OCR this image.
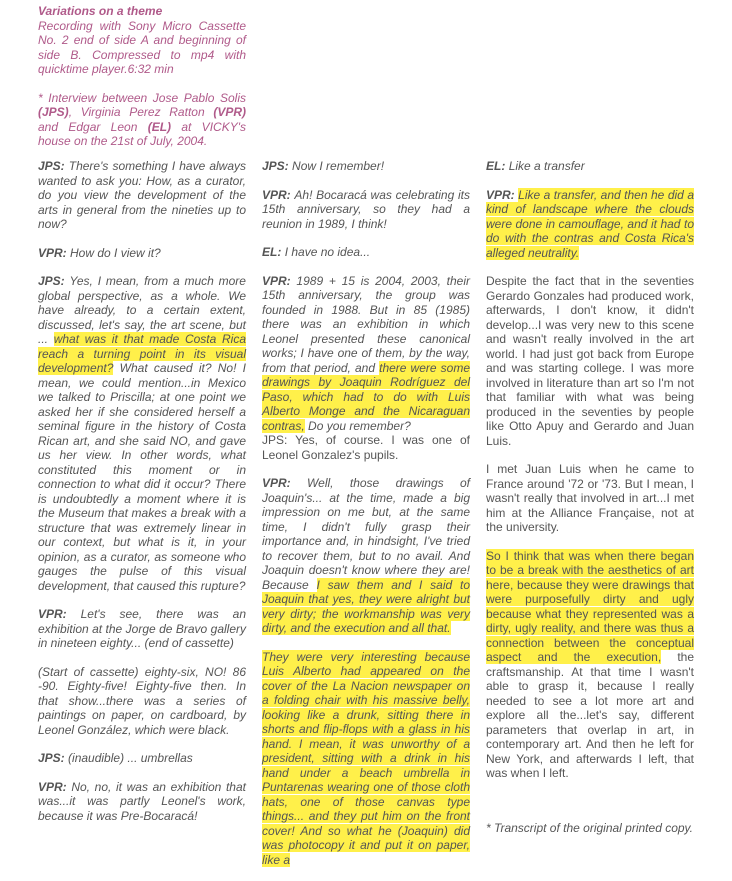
Variations on a theme

Recording with Sony Micro Cassette No. 2 end of side A and beginning of side B. Compressed to mp4 with quicktime player.6:32 min

* Interview between Jose Pablo Solis (JPS), Virginia Perez Ratton (VPR) and Edgar Leon (EL) at VICKY's house on the 21st of July, 2004.

JPS: There's something I have always wanted to ask you: How, as a curator, do you view the development of the arts in general from the nineties up to now?

VPR: How do I view it?

JPS: Yes, I mean, from a much more global perspective, as a whole. We have already, to a certain extent, discussed, let's say, the art scene, but ... what was it that made Costa Rica reach a turning point in its visual development? What caused it? No! I mean, we could mention...in Mexico we talked to Priscilla; at one point we asked her if she considered herself a seminal figure in the history of Costa Rican art, and she said NO, and gave us her view. In other words, what constituted this moment or in connection to what did it occur? There is undoubtedly a moment where it is the Museum that makes a break with a structure that was extremely linear in our context, but what is it, in your opinion, as a curator, as someone who gauges the pulse of this visual development, that caused this rupture?

VPR: Let's see, there was an exhibition at the Jorge de Bravo gallery in nineteen eighty... (end of cassette)

(Start of cassette) eighty-six, NO! 86 -90. Eighty-five! Eighty-five then. In that show...there was a series of paintings on paper, on cardboard, by Leonel González, which were black.

JPS: (inaudible) ... umbrellas

VPR: No, no, it was an exhibition that was...it was partly Leonel's work, because it was Pre-Bocaracá!

JPS: Now I remember!

VPR: Ah! Bocaracá was celebrating its 15th anniversary, so they had a reunion in 1989, I think!

EL: I have no idea...

VPR: 1989 + 15 is 2004, 2003, their 15th anniversary, the group was founded in 1988. But in 85 (1985) there was an exhibition in which Leonel presented these canonical works; I have one of them, by the way, from that period, and there were some drawings by Joaquin Rodríguez del Paso, which had to do with Luis Alberto Monge and the Nicaraguan contras, Do you remember?

JPS: Yes, of course. I was one of Leonel Gonzalez's pupils.

VPR: Well, those drawings of Joaquin's... at the time, made a big impression on me but, at the same time, I didn't fully grasp their importance and, in hindsight, I've tried to recover them, but to no avail. And Joaquin doesn't know where they are! Because I saw them and I said to Joaquin that yes, they were alright but very dirty; the workmanship was very dirty, and the execution and all that.

They were very interesting because Luis Alberto had appeared on the cover of the La Nacion newspaper on a folding chair with his massive belly, looking like a drunk, sitting there in shorts and flip-flops with a glass in his hand. I mean, it was unworthy of a president, sitting with a drink in his hand under a beach umbrella in Puntarenas wearing one of those cloth hats, one of those canvas type things... and they put him on the front cover! And so what he (Joaquin) did was photocopy it and put it on paper, like a

EL: Like a transfer

VPR: Like a transfer, and then he did a kind of landscape where the clouds were done in camouflage, and it had to do with the contras and Costa Rica's alleged neutrality.

Despite the fact that in the seventies Gerardo Gonzales had produced work, afterwards, I don't know, it didn't develop...I was very new to this scene and wasn't really involved in the art world. I had just got back from Europe and was starting college. I was more involved in literature than art so I'm not that familiar with what was being produced in the seventies by people like Otto Apuy and Gerardo and Juan Luis.

I met Juan Luis when he came to France around '72 or '73. But I mean, I wasn't really that involved in art...I met him at the Alliance Française, not at the university.

So I think that was when there began to be a break with the aesthetics of art here, because they were drawings that were purposefully dirty and ugly because what they represented was a dirty, ugly reality, and there was thus a connection between the conceptual aspect and the execution, the craftsmanship. At that time I wasn't able to grasp it, because I really needed to see a lot more art and explore all the...let's say, different parameters that overlap in art, in contemporary art. And then he left for New York, and afterwards I left, that was when I left.

* Transcript of the original printed copy.
